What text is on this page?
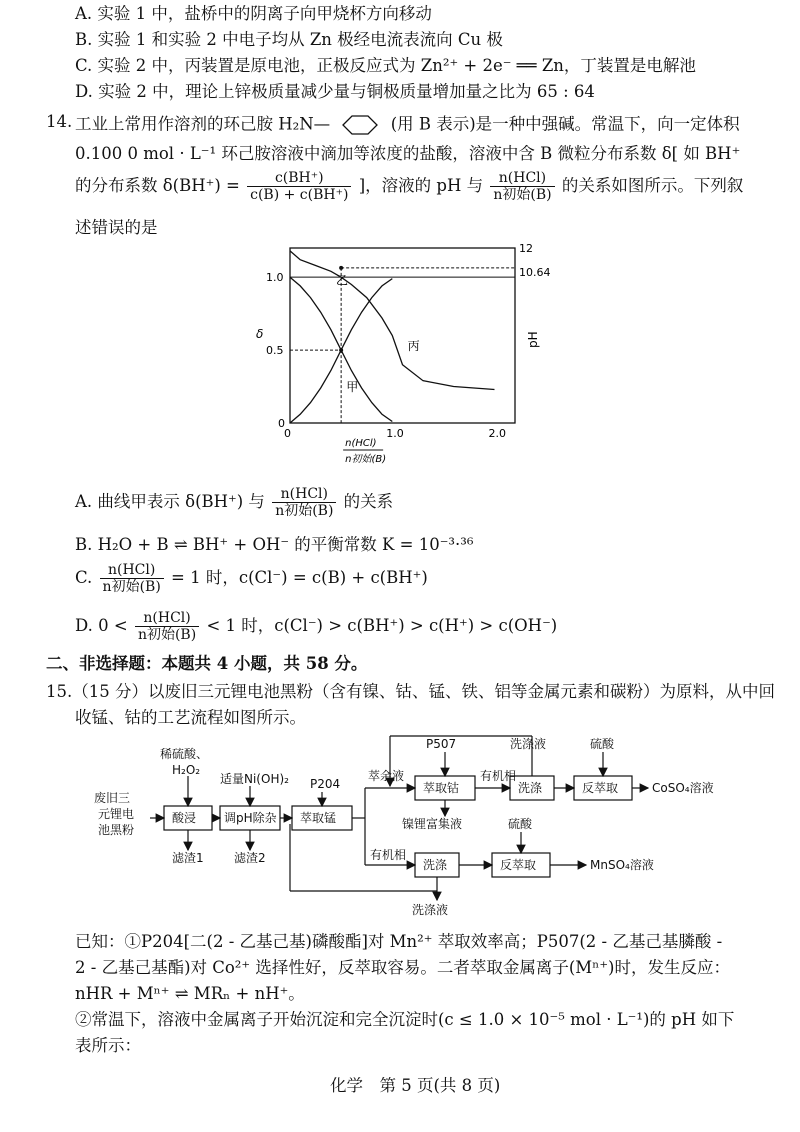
A. 实验 1 中，盐桥中的阴离子向甲烧杯方向移动
B. 实验 1 和实验 2 中电子均从 Zn 极经电流表流向 Cu 极
C. 实验 2 中，丙装置是原电池，正极反应式为 Zn²⁺ + 2e⁻ ══ Zn，丁装置是电解池
D. 实验 2 中，理论上锌极质量减少量与铜极质量增加量之比为 65 : 64
14. 工业上常用作溶剂的环己胺 H₂N—	(用 B 表示)是一种中强碱。常温下，向一定体积
0.100 0 mol · L⁻¹ 环己胺溶液中滴加等浓度的盐酸，溶液中含 B 微粒分布系数 δ[ 如 BH⁺
的分布系数 $\delta(BH^+) = \frac{c(BH^+)}{c(B) + c(BH^+)}$ ]，溶液的 pH 与 $\frac{\text{n(HCl)}}{\text{n初始(B)}}$ 的关系如图所示。下列叙
述错误的是
0	1.0	2.0
0.5
1.0
12
10.64
0
δ	pH
n(HCl)
n初始(B)
甲
乙
丙
A. 曲线甲表示 δ(BH⁺) 与 $\frac{\text{n(HCl)}}{\text{n初始(B)}}$ 的关系
B. H₂O + B ⇌ BH⁺ + OH⁻ 的平衡常数 K = 10⁻³·³⁶
C. $\frac{\text{n(HCl)}}{\text{n初始(B)}} = 1$ 时，c(Cl⁻) = c(B) + c(BH⁺)
D. $0 < \frac{\text{n(HCl)}}{\text{n初始(B)}} < 1$ 时，c(Cl⁻) > c(BH⁺) > c(H⁺) > c(OH⁻)
二、非选择题：本题共 4 小题，共 58 分。
15.（15 分）以废旧三元锂电池黑粉（含有镍、钴、锰、铁、铝等金属元素和碳粉）为原料，从中回
收锰、钴的工艺流程如图所示。
废旧三
元锂电
池黑粉
稀硫酸、
H₂O₂
适量Ni(OH)₂ P204
P507
酸浸 调pH除杂 萃取锰
萃取钴	洗涤	反萃取
洗涤	反萃取
滤渣1	滤渣2
萃余液	有机相
有机相
镍锂富集液
洗涤液
洗涤液
硫酸
硫酸
CoSO₄溶液
MnSO₄溶液
已知：①P204[二(2 - 乙基己基)磷酸酯]对 Mn²⁺ 萃取效率高；P507(2 - 乙基己基膦酸 -
2 - 乙基己基酯)对 Co²⁺ 选择性好，反萃取容易。二者萃取金属离子(Mⁿ⁺)时，发生反应：
nHR + Mⁿ⁺ ⇌ MRₙ + nH⁺。
②常温下，溶液中金属离子开始沉淀和完全沉淀时(c ≤ 1.0 × 10⁻⁵ mol · L⁻¹)的 pH 如下
表所示：
化学　第 5 页(共 8 页)
